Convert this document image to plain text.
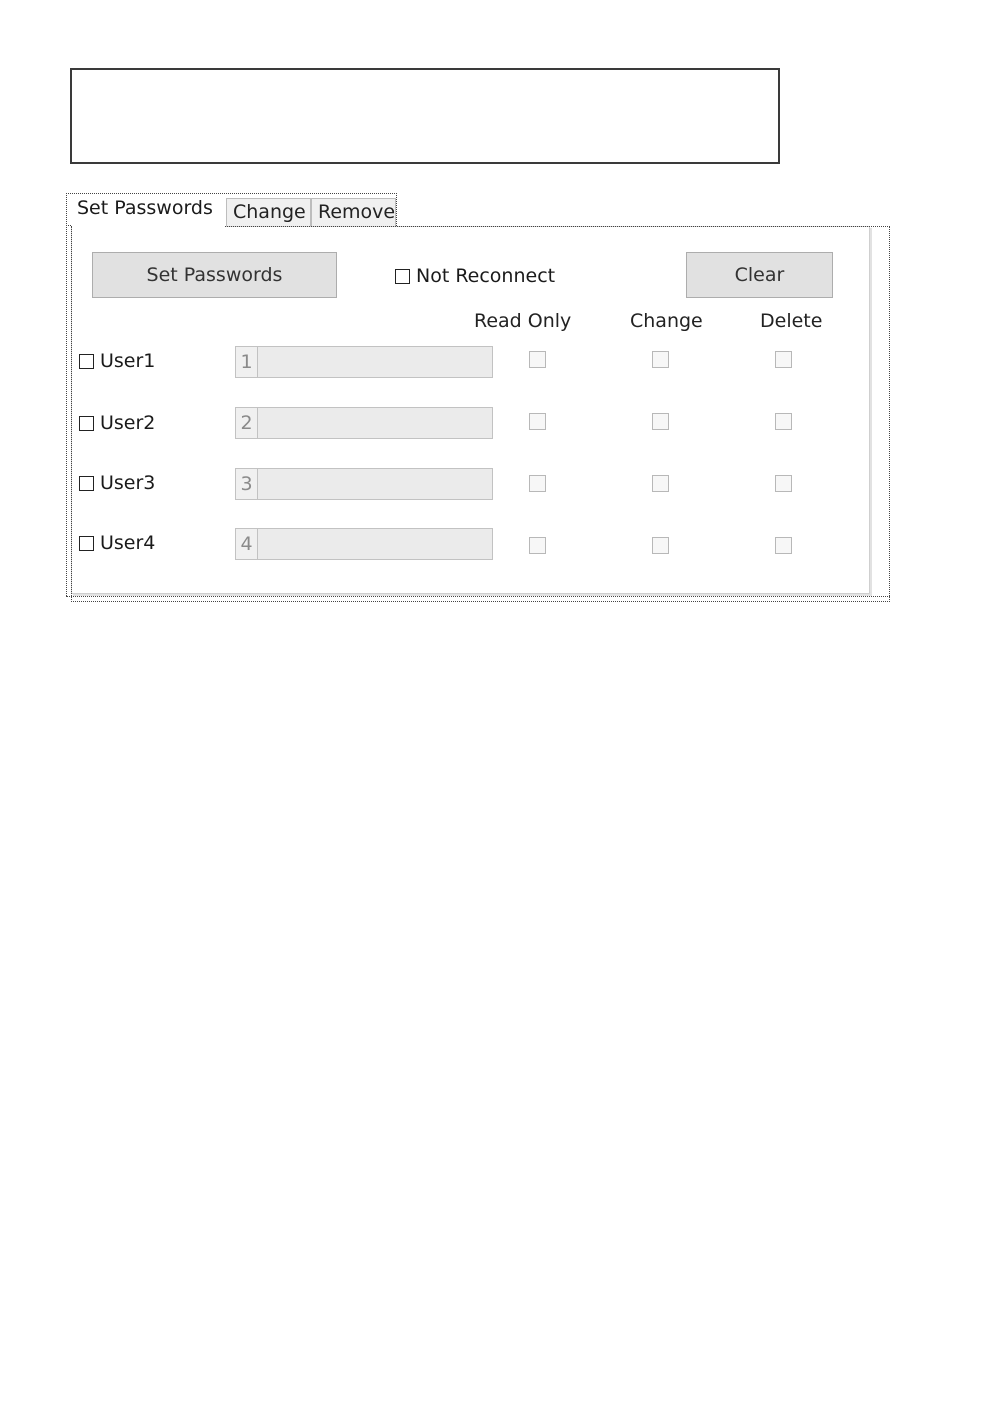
Set Passwords	Change Remove
Set Passwords	Not Reconnect	Clear
Read Only	Change	Delete
User1	1
User2	2
User3	3
User4	4
